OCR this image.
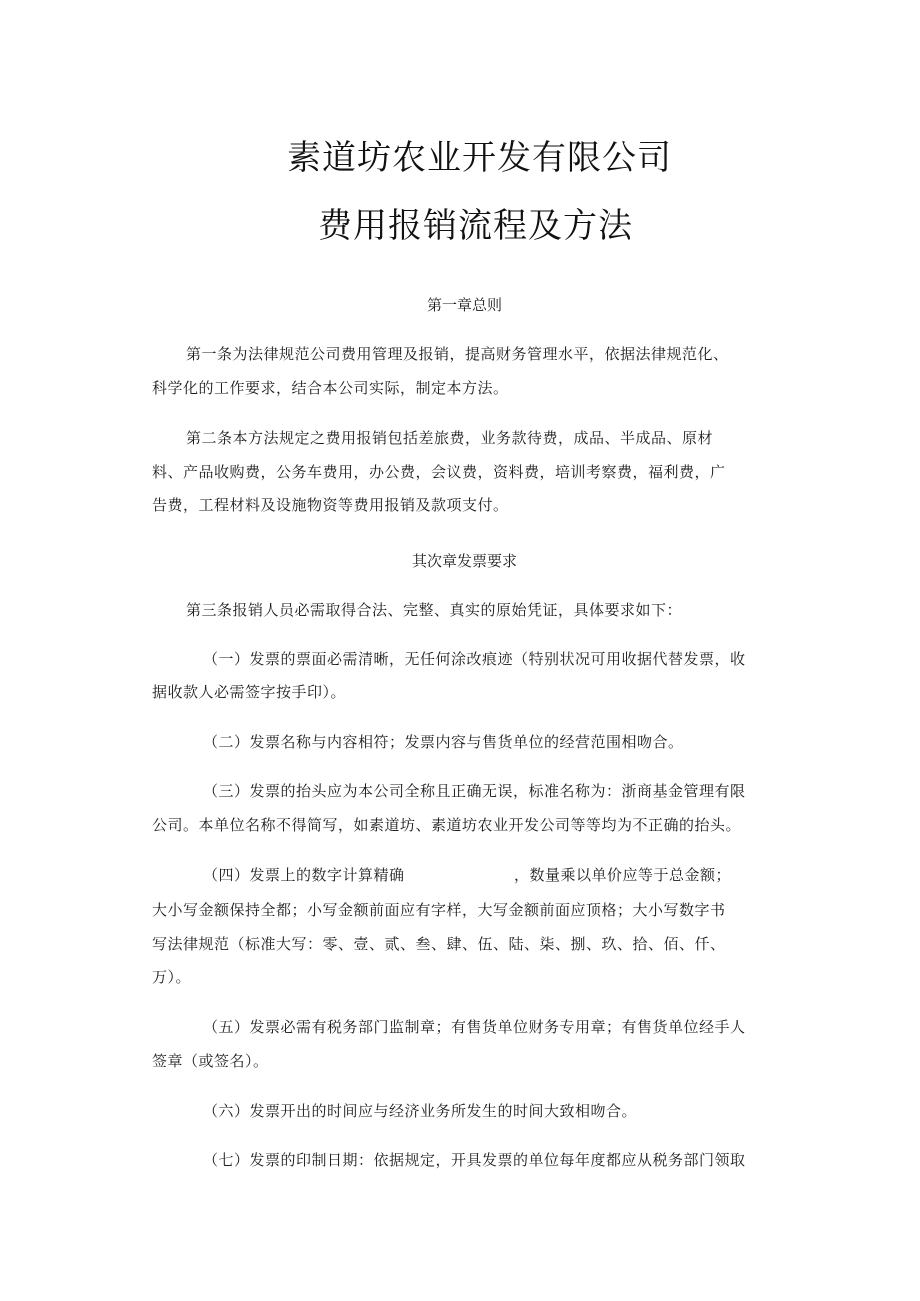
素道坊农业开发有限公司
费用报销流程及方法
第一章总则
第一条为法律规范公司费用管理及报销，提高财务管理水平，依据法律规范化、
科学化的工作要求，结合本公司实际，制定本方法。
第二条本方法规定之费用报销包括差旅费，业务款待费，成品、半成品、原材
料、产品收购费，公务车费用，办公费，会议费，资料费，培训考察费，福利费，广
告费，工程材料及设施物资等费用报销及款项支付。
其次章发票要求
第三条报销人员必需取得合法、完整、真实的原始凭证，具体要求如下：
（一）发票的票面必需清晰，无任何涂改痕迹（特别状况可用收据代替发票，收
据收款人必需签字按手印）。
（二）发票名称与内容相符；发票内容与售货单位的经营范围相吻合。
（三）发票的抬头应为本公司全称且正确无误，标准名称为：浙商基金管理有限
公司。本单位名称不得简写，如素道坊、素道坊农业开发公司等等均为不正确的抬头。
（四）发票上的数字计算精确	，数量乘以单价应等于总金额；
大小写金额保持全都；小写金额前面应有字样，大写金额前面应顶格；大小写数字书
写法律规范（标准大写：零、壹、贰、叁、肆、伍、陆、柒、捌、玖、拾、佰、仟、
万）。
（五）发票必需有税务部门监制章；有售货单位财务专用章；有售货单位经手人
签章（或签名）。
（六）发票开出的时间应与经济业务所发生的时间大致相吻合。
（七）发票的印制日期：依据规定，开具发票的单位每年度都应从税务部门领取
